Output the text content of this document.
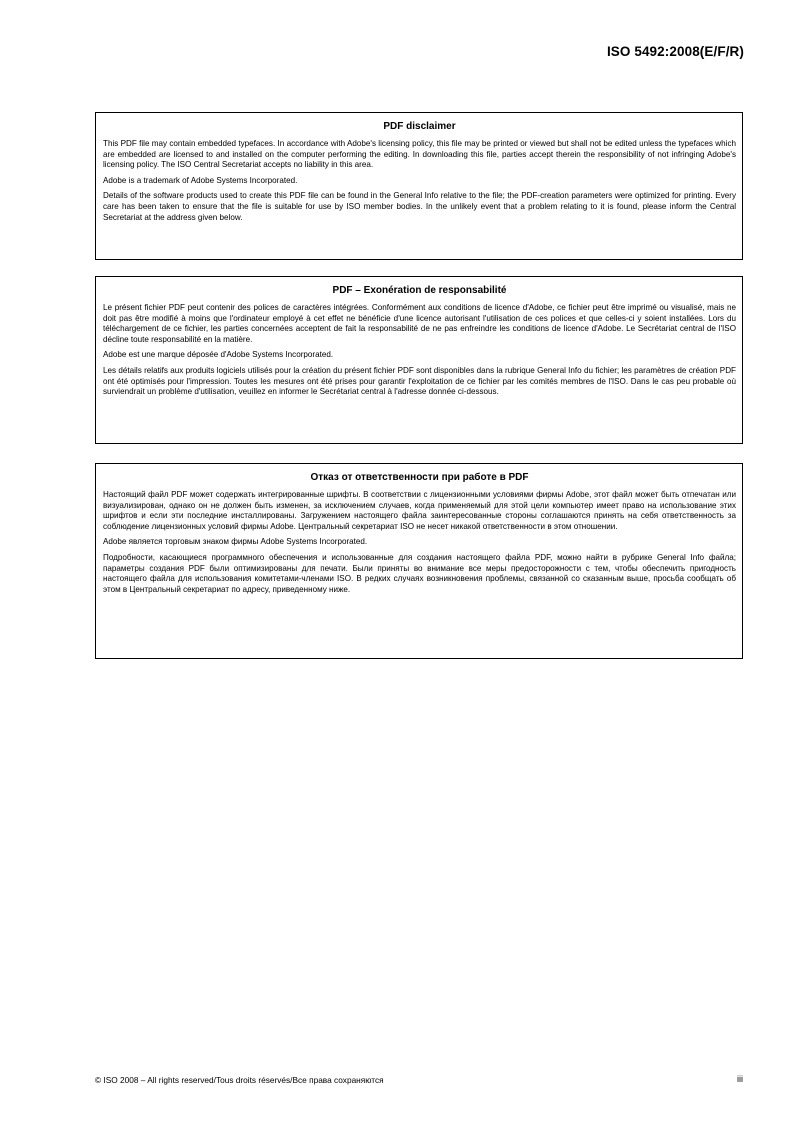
ISO 5492:2008(E/F/R)
PDF disclaimer

This PDF file may contain embedded typefaces. In accordance with Adobe's licensing policy, this file may be printed or viewed but shall not be edited unless the typefaces which are embedded are licensed to and installed on the computer performing the editing. In downloading this file, parties accept therein the responsibility of not infringing Adobe's licensing policy. The ISO Central Secretariat accepts no liability in this area.

Adobe is a trademark of Adobe Systems Incorporated.

Details of the software products used to create this PDF file can be found in the General Info relative to the file; the PDF-creation parameters were optimized for printing. Every care has been taken to ensure that the file is suitable for use by ISO member bodies. In the unlikely event that a problem relating to it is found, please inform the Central Secretariat at the address given below.

PDF – Exonération de responsabilité

Le présent fichier PDF peut contenir des polices de caractères intégrées. Conformément aux conditions de licence d'Adobe, ce fichier peut être imprimé ou visualisé, mais ne doit pas être modifié à moins que l'ordinateur employé à cet effet ne bénéficie d'une licence autorisant l'utilisation de ces polices et que celles-ci y soient installées. Lors du téléchargement de ce fichier, les parties concernées acceptent de fait la responsabilité de ne pas enfreindre les conditions de licence d'Adobe. Le Secrétariat central de l'ISO décline toute responsabilité en la matière.

Adobe est une marque déposée d'Adobe Systems Incorporated.

Les détails relatifs aux produits logiciels utilisés pour la création du présent fichier PDF sont disponibles dans la rubrique General Info du fichier; les paramètres de création PDF ont été optimisés pour l'impression. Toutes les mesures ont été prises pour garantir l'exploitation de ce fichier par les comités membres de l'ISO. Dans le cas peu probable où surviendrait un problème d'utilisation, veuillez en informer le Secrétariat central à l'adresse donnée ci-dessous.

Отказ от ответственности при работе в PDF

Настоящий файл PDF может содержать интегрированные шрифты. В соответствии с лицензионными условиями фирмы Adobe, этот файл может быть отпечатан или визуализирован, однако он не должен быть изменен, за исключением случаев, когда применяемый для этой цели компьютер имеет право на использование этих шрифтов и если эти последние инсталлированы. Загружением настоящего файла заинтересованные стороны соглашаются принять на себя ответственность за соблюдение лицензионных условий фирмы Adobe. Центральный секретариат ISO не несет никакой ответственности в этом отношении.

Adobe является торговым знаком фирмы Adobe Systems Incorporated.

Подробности, касающиеся программного обеспечения и использованные для создания настоящего файла PDF, можно найти в рубрике General Info файла; параметры создания PDF были оптимизированы для печати. Были приняты во внимание все меры предосторожности с тем, чтобы обеспечить пригодность настоящего файла для использования комитетами-членами ISO. В редких случаях возникновения проблемы, связанной со сказанным выше, просьба сообщать об этом в Центральный секретариат по адресу, приведенному ниже.

© ISO 2008 – All rights reserved/Tous droits réservés/Все права сохраняются	iii
